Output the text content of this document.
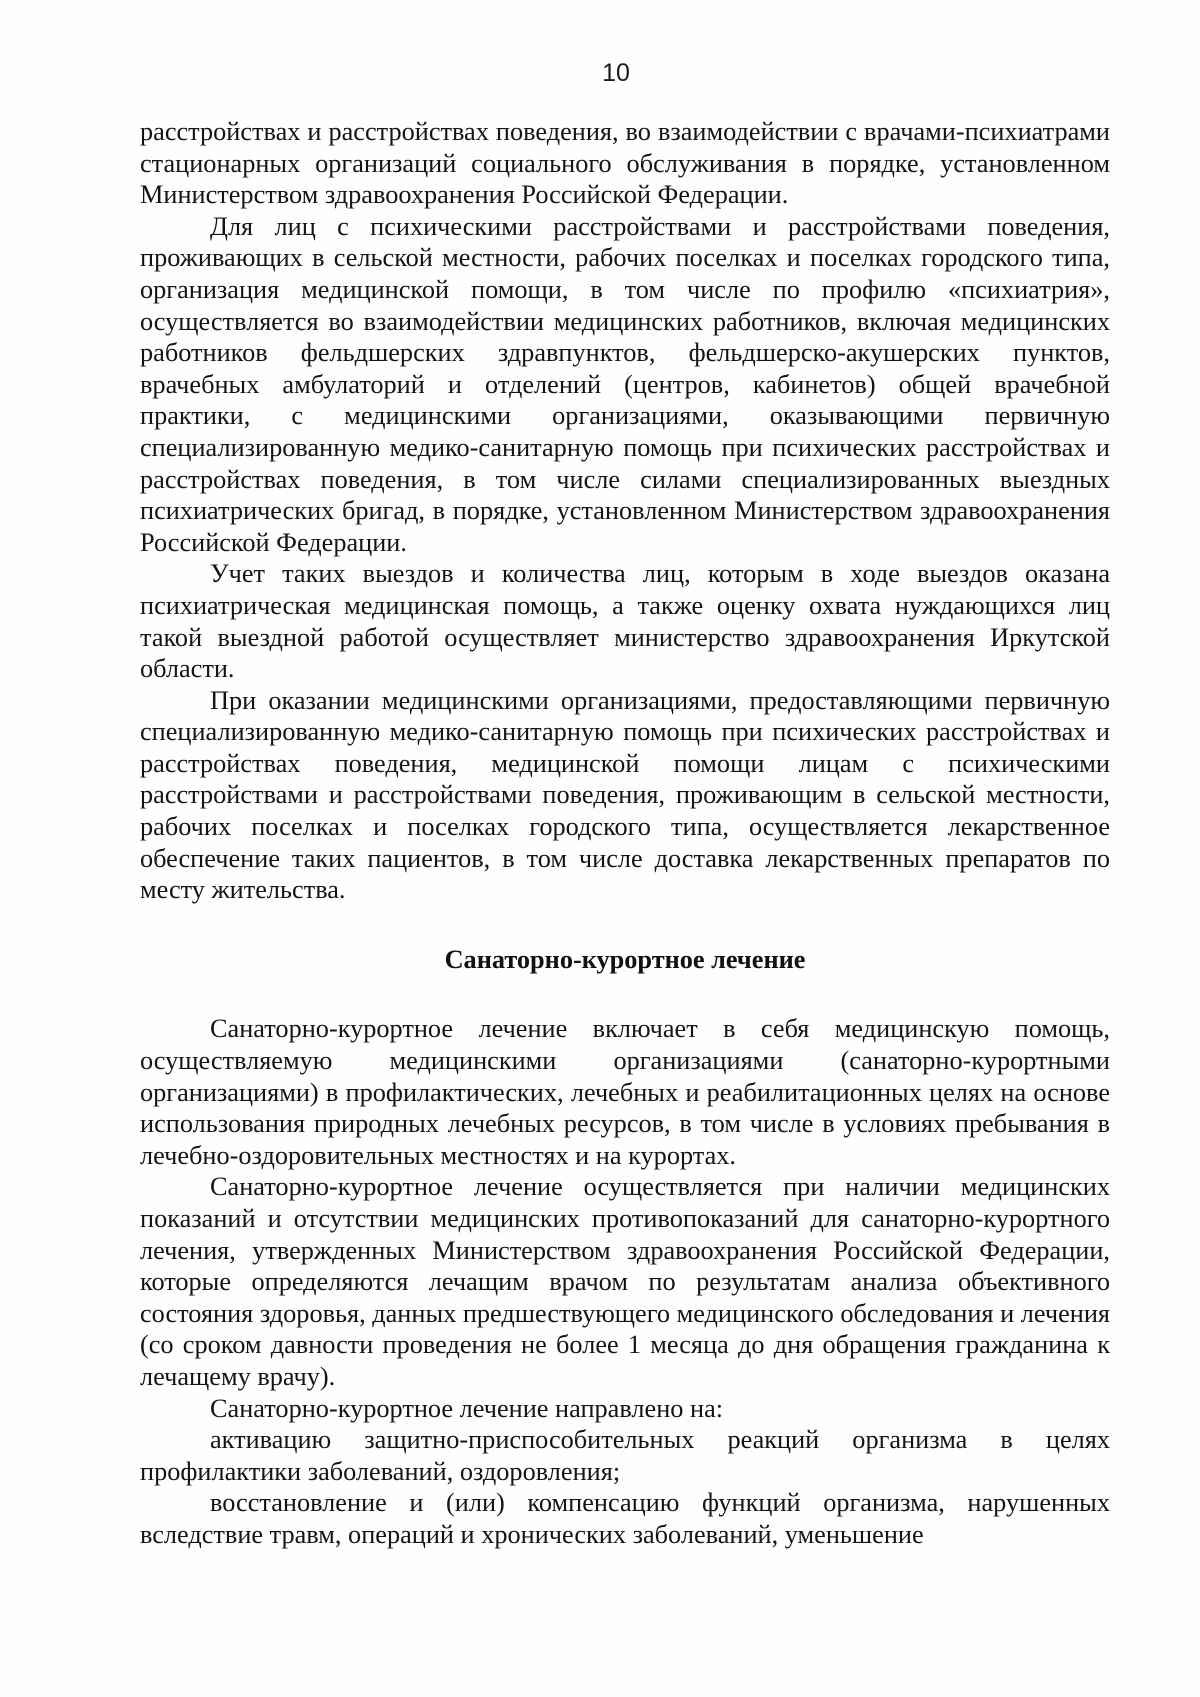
10

расстройствах и расстройствах поведения, во взаимодействии с врачами-психиатрами стационарных организаций социального обслуживания в порядке, установленном Министерством здравоохранения Российской Федерации.

Для лиц с психическими расстройствами и расстройствами поведения, проживающих в сельской местности, рабочих поселках и поселках городского типа, организация медицинской помощи, в том числе по профилю «психиатрия», осуществляется во взаимодействии медицинских работников, включая медицинских работников фельдшерских здравпунктов, фельдшерско-акушерских пунктов, врачебных амбулаторий и отделений (центров, кабинетов) общей врачебной практики, с медицинскими организациями, оказывающими первичную специализированную медико-санитарную помощь при психических расстройствах и расстройствах поведения, в том числе силами специализированных выездных психиатрических бригад, в порядке, установленном Министерством здравоохранения Российской Федерации.

Учет таких выездов и количества лиц, которым в ходе выездов оказана психиатрическая медицинская помощь, а также оценку охвата нуждающихся лиц такой выездной работой осуществляет министерство здравоохранения Иркутской области.

При оказании медицинскими организациями, предоставляющими первичную специализированную медико-санитарную помощь при психических расстройствах и расстройствах поведения, медицинской помощи лицам с психическими расстройствами и расстройствами поведения, проживающим в сельской местности, рабочих поселках и поселках городского типа, осуществляется лекарственное обеспечение таких пациентов, в том числе доставка лекарственных препаратов по месту жительства.

Санаторно-курортное лечение

Санаторно-курортное лечение включает в себя медицинскую помощь, осуществляемую медицинскими организациями (санаторно-курортными организациями) в профилактических, лечебных и реабилитационных целях на основе использования природных лечебных ресурсов, в том числе в условиях пребывания в лечебно-оздоровительных местностях и на курортах.

Санаторно-курортное лечение осуществляется при наличии медицинских показаний и отсутствии медицинских противопоказаний для санаторно-курортного лечения, утвержденных Министерством здравоохранения Российской Федерации, которые определяются лечащим врачом по результатам анализа объективного состояния здоровья, данных предшествующего медицинского обследования и лечения (со сроком давности проведения не более 1 месяца до дня обращения гражданина к лечащему врачу).

Санаторно-курортное лечение направлено на:

активацию защитно-приспособительных реакций организма в целях профилактики заболеваний, оздоровления;

восстановление и (или) компенсацию функций организма, нарушенных вследствие травм, операций и хронических заболеваний, уменьшение
